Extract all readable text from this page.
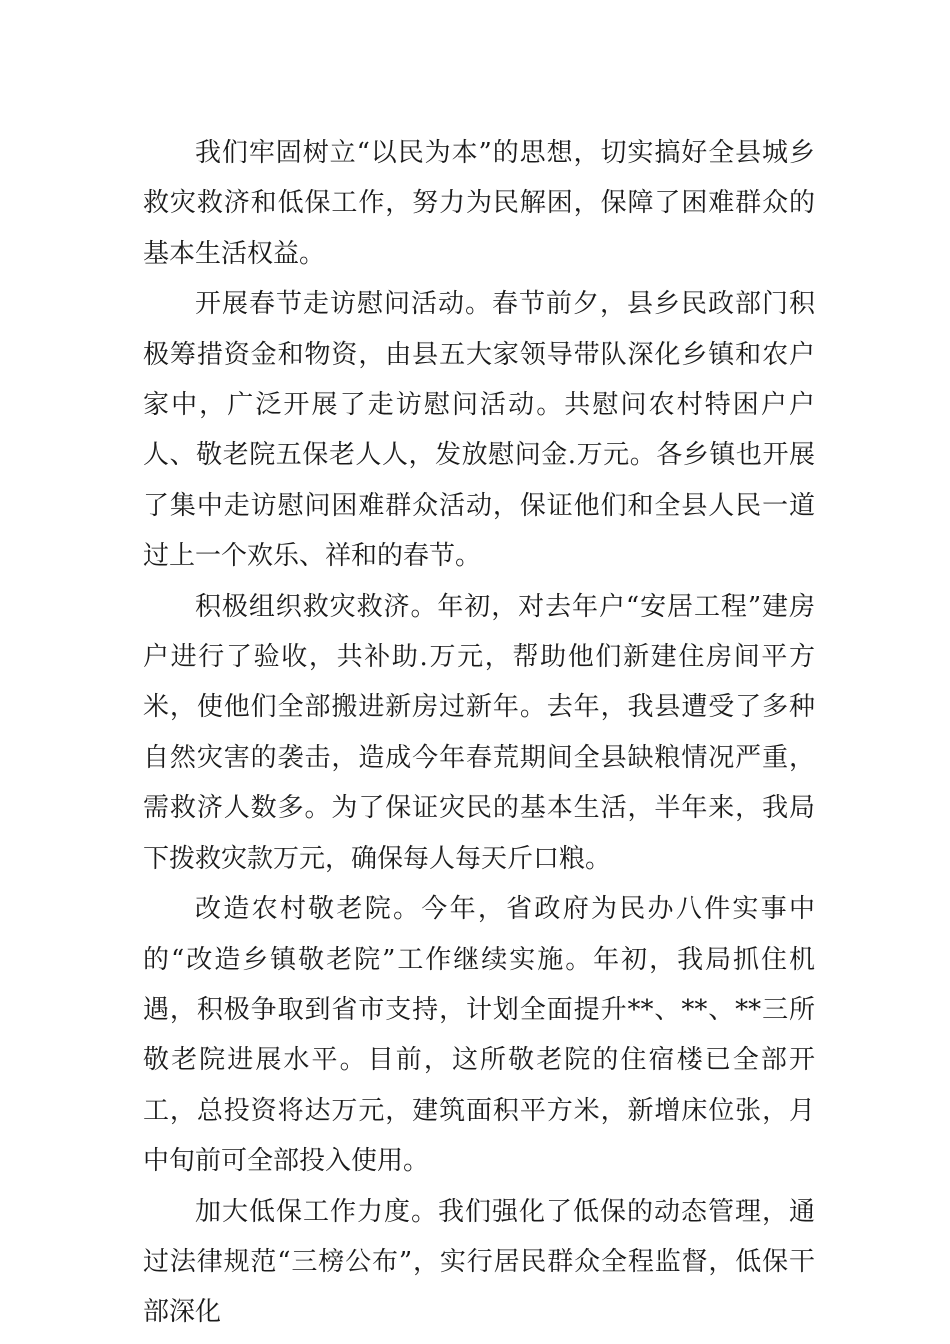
我们牢固树立“以民为本”的思想，切实搞好全县城乡救灾救济和低保工作，努力为民解困，保障了困难群众的基本生活权益。

开展春节走访慰问活动。春节前夕，县乡民政部门积极筹措资金和物资，由县五大家领导带队深化乡镇和农户家中，广泛开展了走访慰问活动。共慰问农村特困户户人、敬老院五保老人人，发放慰问金.万元。各乡镇也开展了集中走访慰问困难群众活动，保证他们和全县人民一道过上一个欢乐、祥和的春节。

积极组织救灾救济。年初，对去年户“安居工程”建房户进行了验收，共补助.万元，帮助他们新建住房间平方米，使他们全部搬进新房过新年。去年，我县遭受了多种自然灾害的袭击，造成今年春荒期间全县缺粮情况严重，需救济人数多。为了保证灾民的基本生活，半年来，我局下拨救灾款万元，确保每人每天斤口粮。

改造农村敬老院。今年，省政府为民办八件实事中的“改造乡镇敬老院”工作继续实施。年初，我局抓住机遇，积极争取到省市支持，计划全面提升**、**、**三所敬老院进展水平。目前，这所敬老院的住宿楼已全部开工，总投资将达万元，建筑面积平方米，新增床位张，月中旬前可全部投入使用。

加大低保工作力度。我们强化了低保的动态管理，通过法律规范“三榜公布”，实行居民群众全程监督，低保干部深化
